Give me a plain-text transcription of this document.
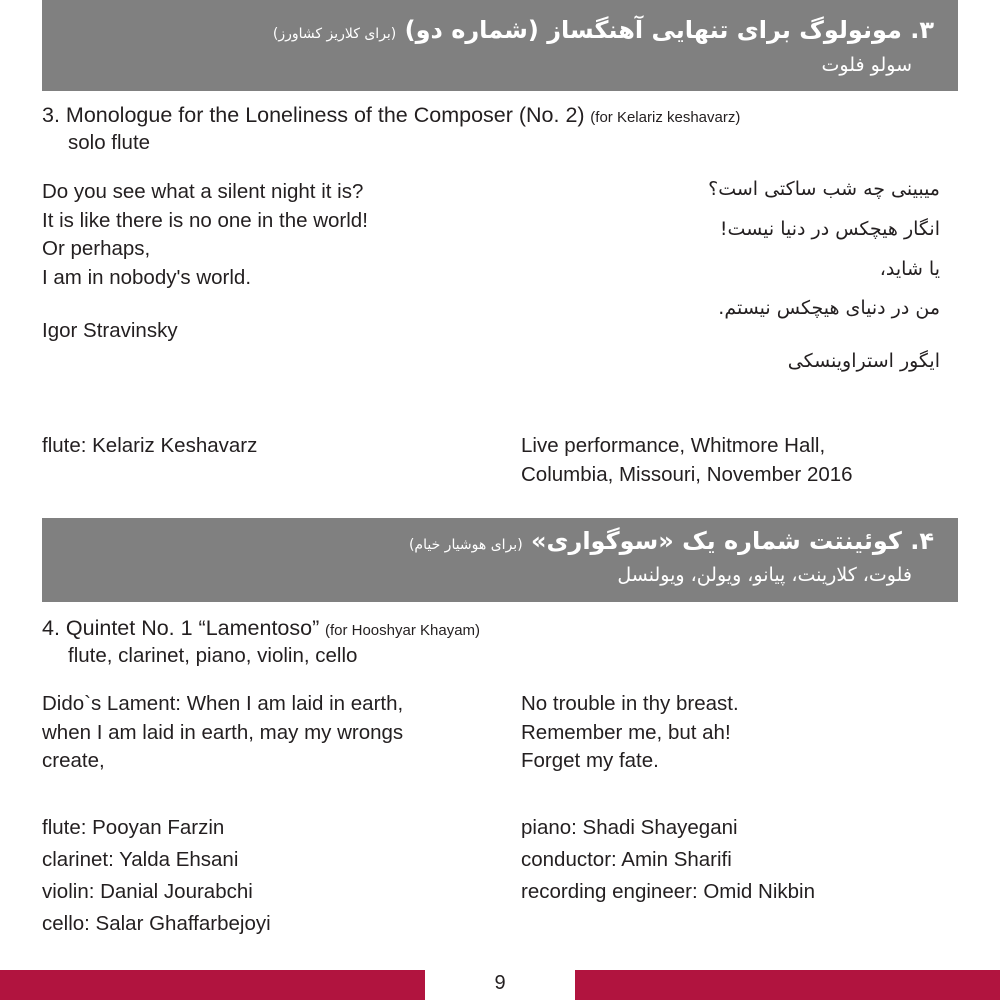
۳. مونولوگ برای تنهایی آهنگساز (شماره دو) (برای کلاریز کشاورز)
سولو فلوت
3. Monologue for the Loneliness of the Composer (No. 2) (for Kelariz keshavarz)
solo flute
Do you see what a silent night it is?
It is like there is no one in the world!
Or perhaps,
I am in nobody's world.
Igor Stravinsky
میبینی چه شب ساکتی است؟
انگار هیچکس در دنیا نیست!
یا شاید،
من در دنیای هیچکس نیستم.
ایگور استراوینسکی
flute: Kelariz Keshavarz	Live performance, Whitmore Hall,
Columbia, Missouri, November 2016
۴. کوئینتت شماره یک «سوگواری» (برای هوشیار خیام)
فلوت، کلارینت، پیانو، ویولن، ویولنسل
4. Quintet No. 1 “Lamentoso” (for Hooshyar Khayam)
flute, clarinet, piano, violin, cello
Dido`s Lament: When I am laid in earth,
when I am laid in earth, may my wrongs
create,
No trouble in thy breast.
Remember me, but ah!
Forget my fate.
flute: Pooyan Farzin
clarinet: Yalda Ehsani
violin: Danial Jourabchi
cello: Salar Ghaffarbejoyi
piano: Shadi Shayegani
conductor: Amin Sharifi
recording engineer: Omid Nikbin
9
